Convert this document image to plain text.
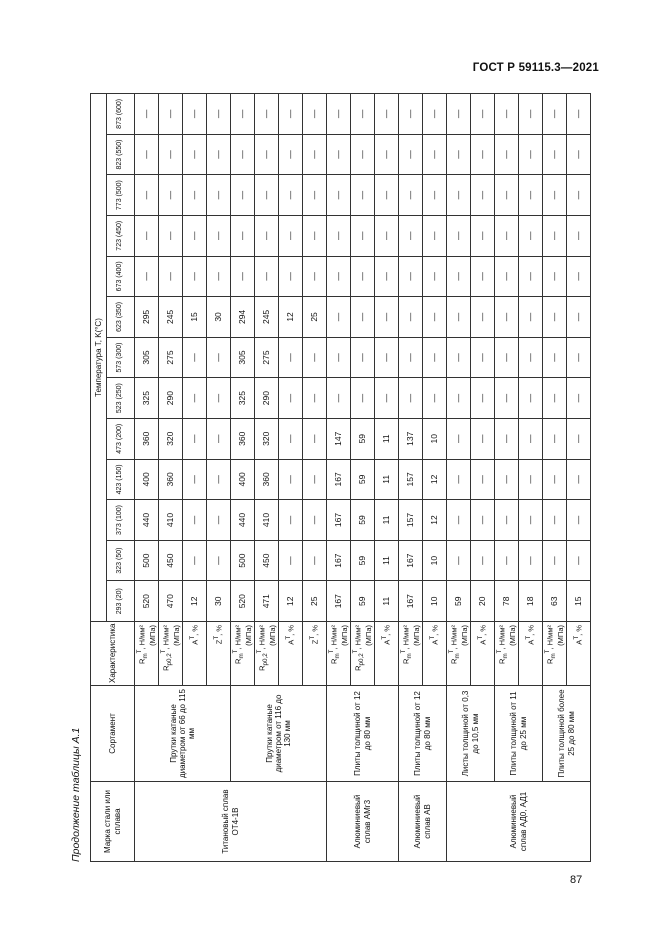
ГОСТ Р 59115.3—2021
87
Продолжение таблицы А.1	Марка стали или сплава	Сортамент	Характеристика	Температура T, K(°C)												
			293 (20)	323 (50)	373 (100)	423 (150)	473 (200)	523 (250)	573 (300)	623 (350)	673 (400)	723 (450)	773 (500)	823 (550)	873 (600)
Титановый сплав ОТ4-1В	Прутки катаные диаметром от 66 до 115 мм	$R_m^T$, Н/мм² (МПа)	520	500	440	400	360	325	305	295	—	—	—	—	—
		$R_{p0,2}^T$, Н/мм² (МПа)	470	450	410	360	320	290	275	245	—	—	—	—	—
		$A^T$, %	12	—	—	—	—	—	—	15	—	—	—	—	—
		$Z^T$, %	30	—	—	—	—	—	—	30	—	—	—	—	—
	Прутки катаные диаметром от 116 до 130 мм	$R_m^T$, Н/мм² (МПа)	520	500	440	400	360	325	305	294	—	—	—	—	—
		$R_{p0,2}^T$, Н/мм² (МПа)	471	450	410	360	320	290	275	245	—	—	—	—	—
		$A^T$, %	12	—	—	—	—	—	—	12	—	—	—	—	—
		$Z^T$, %	25	—	—	—	—	—	—	25	—	—	—	—	—
Алюминиевый сплав АМг3	Плиты толщиной от 12 до 80 мм	$R_m^T$, Н/мм² (МПа)	167	167	167	167	147	—	—	—	—	—	—	—	—
		$R_{p0,2}^T$, Н/мм² (МПа)	59	59	59	59	59	—	—	—	—	—	—	—	—
		$A^T$, %	11	11	11	11	11	—	—	—	—	—	—	—	—
Алюминиевый сплав АВ	Плиты толщиной от 12 до 80 мм	$R_m^T$, Н/мм² (МПа)	167	167	157	157	137	—	—	—	—	—	—	—	—
		$A^T$, %	10	10	12	12	10	—	—	—	—	—	—	—	—
Алюминиевый сплав АД0, АД1	Листы толщиной от 0,3 до 10,5 мм	$R_m^T$, Н/мм² (МПа)	59	—	—	—	—	—	—	—	—	—	—	—	—
		$A^T$, %	20	—	—	—	—	—	—	—	—	—	—	—	—
	Плиты толщиной от 11 до 25 мм	$R_m^T$, Н/мм² (МПа)	78	—	—	—	—	—	—	—	—	—	—	—	—
		$A^T$, %	18	—	—	—	—	—	—	—	—	—	—	—	—
	Плиты толщиной более 25 до 80 мм	$R_m^T$, Н/мм² (МПа)	63	—	—	—	—	—	—	—	—	—	—	—	—
		$A^T$, %	15	—	—	—	—	—	—	—	—	—	—	—	—
